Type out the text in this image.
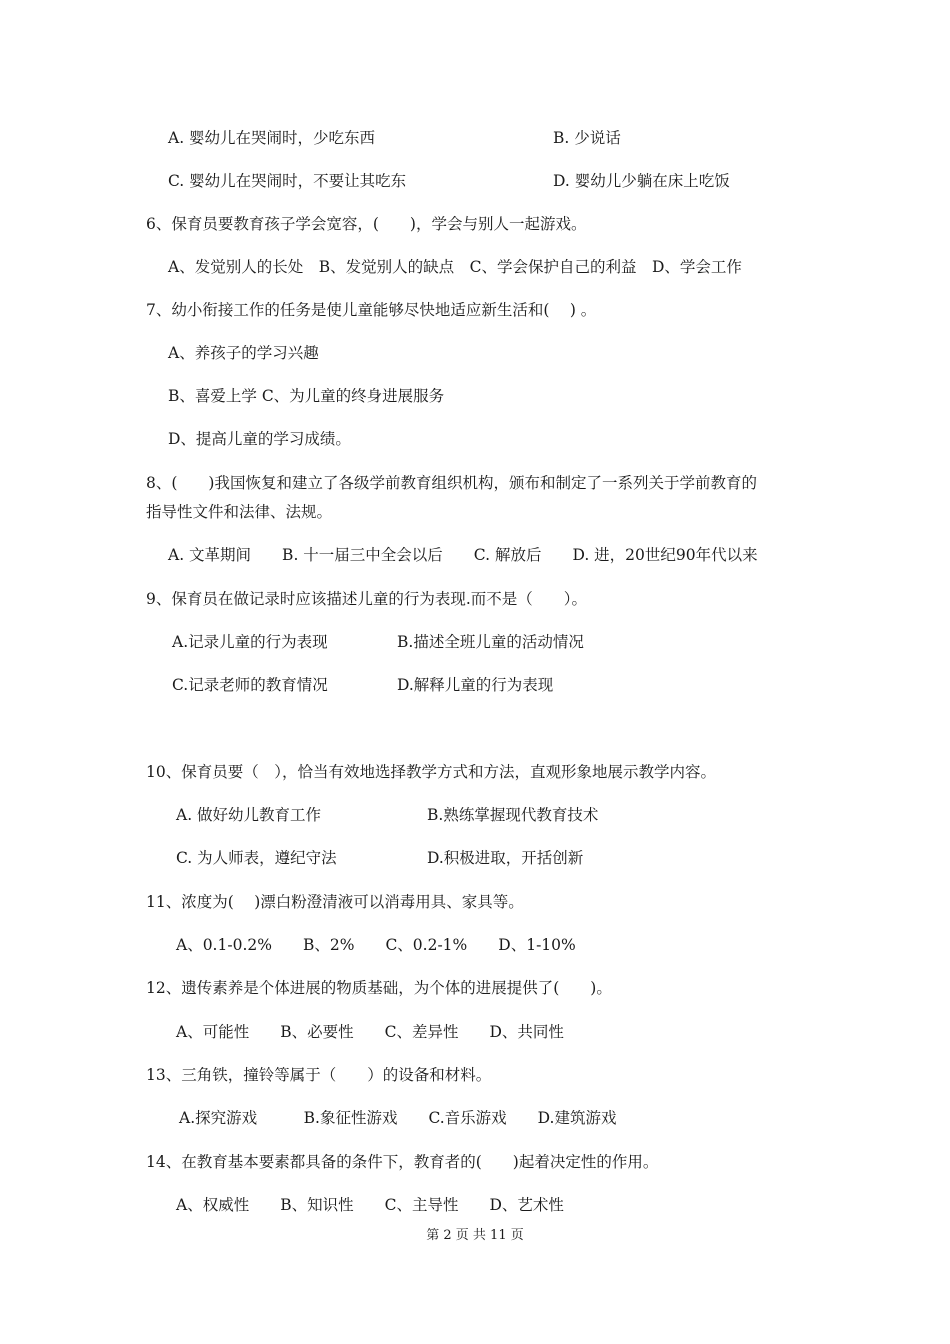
A. 婴幼儿在哭闹时，少吃东西	B. 少说话
C. 婴幼儿在哭闹时，不要让其吃东	D. 婴幼儿少躺在床上吃饭
6、保育员要教育孩子学会宽容，(　　)，学会与别人一起游戏。
A、发觉别人的长处　B、发觉别人的缺点　C、学会保护自己的利益　D、学会工作
7、幼小衔接工作的任务是使儿童能够尽快地适应新生活和(　 ) 。
A、养孩子的学习兴趣
B、喜爱上学 C、为儿童的终身进展服务
D、提高儿童的学习成绩。
8、(　　)我国恢复和建立了各级学前教育组织机构，颁布和制定了一系列关于学前教育的
指导性文件和法律、法规。
A. 文革期间　　B. 十一届三中全会以后　　C. 解放后　　D. 进，20世纪90年代以来
9、保育员在做记录时应该描述儿童的行为表现.而不是（　　）。
A.记录儿童的行为表现	B.描述全班儿童的活动情况
C.记录老师的教育情况	D.解释儿童的行为表现
10、保育员要（　），恰当有效地选择教学方式和方法，直观形象地展示教学内容。
A. 做好幼儿教育工作	B.熟练掌握现代教育技术
C. 为人师表，遵纪守法	D.积极进取，开括创新
11、浓度为(　 )漂白粉澄清液可以消毒用具、家具等。
A、0.1-0.2%　　B、2%　　C、0.2-1%　　D、1-10%
12、遗传素养是个体进展的物质基础，为个体的进展提供了(　　)。
A、可能性　　B、必要性　　C、差异性　　D、共同性
13、三角铁，撞铃等属于（　　）的设备和材料。
A.探究游戏　　　B.象征性游戏　　C.音乐游戏　　D.建筑游戏
14、在教育基本要素都具备的条件下，教育者的(　　)起着决定性的作用。
A、权威性　　B、知识性　　C、主导性　　D、艺术性
第 2 页 共 11 页
